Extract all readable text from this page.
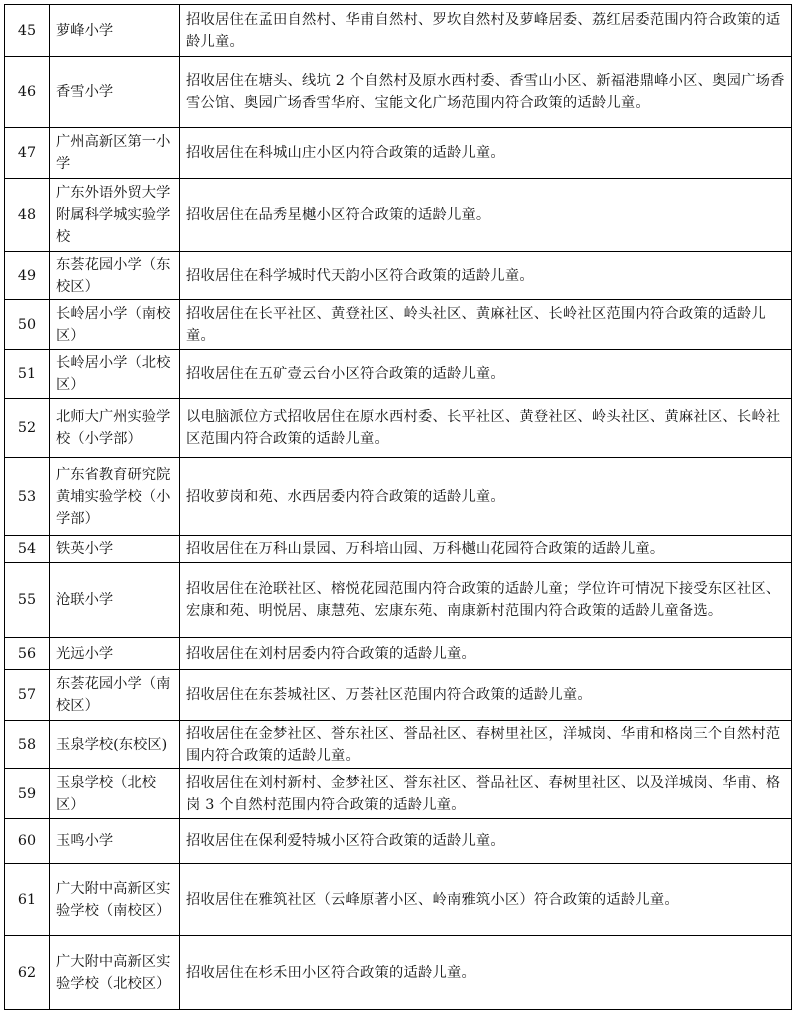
45	萝峰小学	招收居住在孟田自然村、华甫自然村、罗坎自然村及萝峰居委、荔红居委范围内符合政策的适龄儿童。
46	香雪小学	招收居住在塘头、线坑 2 个自然村及原水西村委、香雪山小区、新福港鼎峰小区、奥园广场香雪公馆、奥园广场香雪华府、宝能文化广场范围内符合政策的适龄儿童。
47	广州高新区第一小学	招收居住在科城山庄小区内符合政策的适龄儿童。
48	广东外语外贸大学附属科学城实验学校	招收居住在品秀星樾小区符合政策的适龄儿童。
49	东荟花园小学（东校区）	招收居住在科学城时代天韵小区符合政策的适龄儿童。
50	长岭居小学（南校区）	招收居住在长平社区、黄登社区、岭头社区、黄麻社区、长岭社区范围内符合政策的适龄儿童。
51	长岭居小学（北校区）	招收居住在五矿壹云台小区符合政策的适龄儿童。
52	北师大广州实验学校（小学部）	以电脑派位方式招收居住在原水西村委、长平社区、黄登社区、岭头社区、黄麻社区、长岭社区范围内符合政策的适龄儿童。
53	广东省教育研究院黄埔实验学校（小学部）	招收萝岗和苑、水西居委内符合政策的适龄儿童。
54	铁英小学	招收居住在万科山景园、万科培山园、万科樾山花园符合政策的适龄儿童。
55	沧联小学	招收居住在沧联社区、榕悦花园范围内符合政策的适龄儿童；学位许可情况下接受东区社区、宏康和苑、明悦居、康慧苑、宏康东苑、南康新村范围内符合政策的适龄儿童备选。
56	光远小学	招收居住在刘村居委内符合政策的适龄儿童。
57	东荟花园小学（南校区）	招收居住在东荟城社区、万荟社区范围内符合政策的适龄儿童。
58	玉泉学校(东校区)	招收居住在金梦社区、誉东社区、誉品社区、春树里社区，洋城岗、华甫和格岗三个自然村范围内符合政策的适龄儿童。
59	玉泉学校（北校区）	招收居住在刘村新村、金梦社区、誉东社区、誉品社区、春树里社区、以及洋城岗、华甫、格岗 3 个自然村范围内符合政策的适龄儿童。
60	玉鸣小学	招收居住在保利爱特城小区符合政策的适龄儿童。
61	广大附中高新区实验学校（南校区）	招收居住在雅筑社区（云峰原著小区、岭南雅筑小区）符合政策的适龄儿童。
62	广大附中高新区实验学校（北校区）	招收居住在杉禾田小区符合政策的适龄儿童。
